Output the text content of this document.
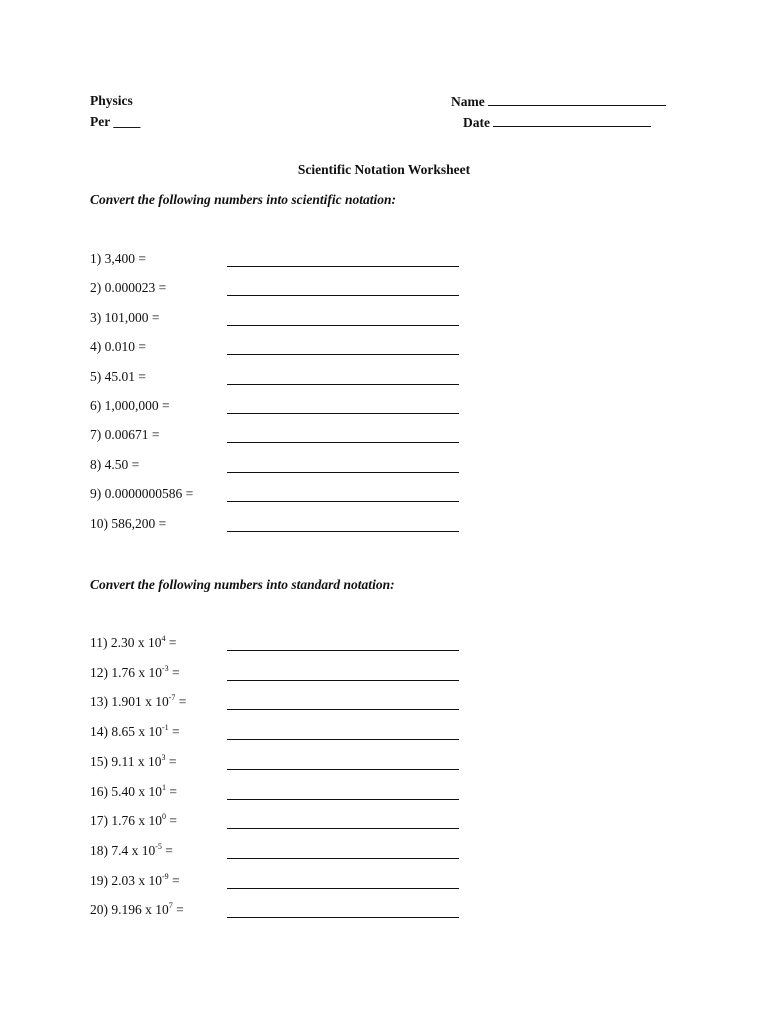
Physics
Per ____
Name
Date
Scientific Notation Worksheet
Convert the following numbers into scientific notation:
1) 3,400 =
2) 0.000023 =
3) 101,000 =
4) 0.010 =
5) 45.01 =
6) 1,000,000 =
7) 0.00671 =
8) 4.50 =
9) 0.0000000586 =
10) 586,200 =
Convert the following numbers into standard notation:
11) 2.30 x $10^4$ =
12) 1.76 x $10^{-3}$ =
13) 1.901 x $10^{-7}$ =
14) 8.65 x $10^{-1}$ =
15) 9.11 x $10^3$ =
16) 5.40 x $10^1$ =
17) 1.76 x $10^0$ =
18) 7.4 x $10^{-5}$ =
19) 2.03 x $10^{-9}$ =
20) 9.196 x $10^7$ =
